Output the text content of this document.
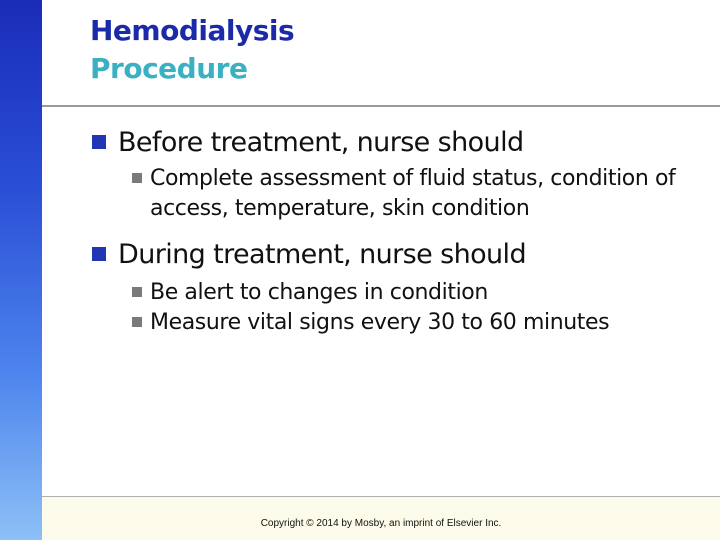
Hemodialysis
Procedure
Before treatment, nurse should
Complete assessment of fluid status, condition of access, temperature, skin condition
During treatment, nurse should
Be alert to changes in condition
Measure vital signs every 30 to 60 minutes
Copyright © 2014 by Mosby, an imprint of Elsevier Inc.
